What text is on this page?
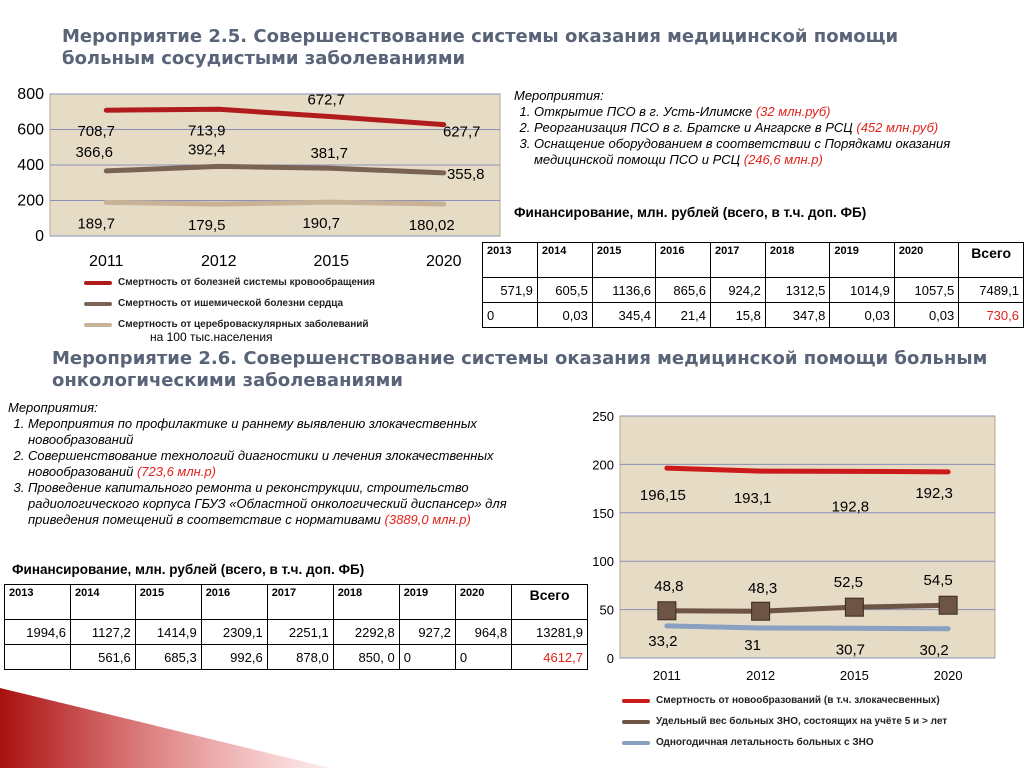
Мероприятие 2.5. Совершенствование системы оказания медицинской помощи больным сосудистыми заболеваниями
Мероприятие 2.6. Совершенствование системы оказания медицинской помощи больным онкологическими заболеваниями
0
200
400
600
800
2011	2012	2015	2020
708,7	713,9
672,7
627,7
366,6	392,4	381,7
355,8
189,7	179,5	190,7	180,02
Смертность от болезней системы кровообращения
Смертность от ишемической болезни сердца
Смертность от цереброваскулярных заболеваний
на 100 тыс.населения
Мероприятия:
1. Открытие ПСО в г. Усть-Илимске (32 млн.руб)
2. Реорганизация ПСО в г. Братске и Ангарске в РСЦ (452 млн.руб)
3. Оснащение оборудованием в соответствии с Порядками оказания медицинской помощи ПСО и РСЦ (246,6 млн.р)
Финансирование, млн. рублей (всего, в т.ч. доп. ФБ)
2013	2014	2015	2016	2017	2018	2019	2020	Всего
571,9	605,5	1136,6	865,6	924,2	1312,5	1014,9	1057,5	7489,1
0	0,03	345,4	21,4	15,8	347,8	0,03	0,03	730,6
Мероприятия:
1. Мероприятия по профилактике и раннему выявлению злокачественных новообразований
2. Совершенствование технологий диагностики и лечения злокачественных новообразований (723,6 млн.р)
3. Проведение капитального ремонта и реконструкции, строительство радиологического корпуса ГБУЗ «Областной онкологический диспансер» для приведения помещений в соответствие с нормативами (3889,0 млн.р)
Финансирование, млн. рублей (всего, в т.ч. доп. ФБ)
2013	2014	2015	2016	2017	2018	2019	2020	Всего
1994,6	1127,2	1414,9	2309,1	2251,1	2292,8	927,2	964,8	13281,9
645,1	561,6	685,3	992,6	878,0	850, 0	0	0	4612,7 0
50
100
150
200
250
2011	2012	2015	2020
196,15	193,1	192,8
192,3
48,8	48,3	52,5	54,5
33,2	31	30,7	30,2
Смертность от новообразований (в т.ч. злокачесвенных)
Удельный вес больных ЗНО, состоящих на учёте 5 и > лет
Одногодичная летальность больных с ЗНО
